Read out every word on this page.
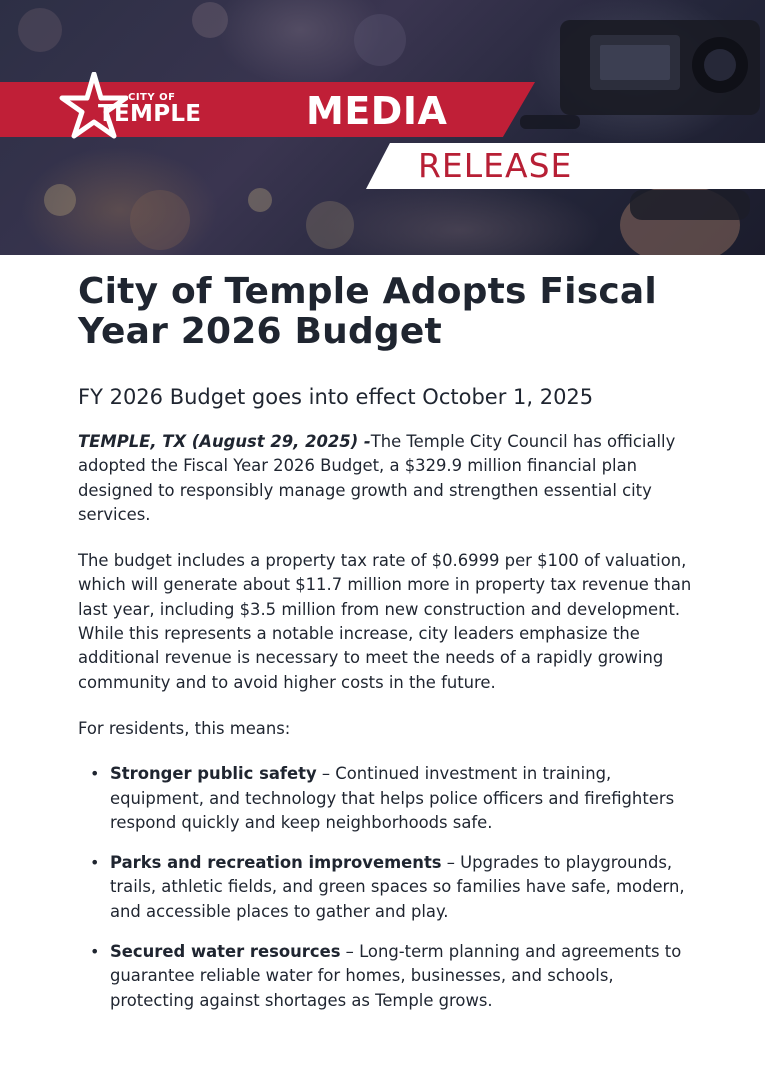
CITY OF
TEMPLE	MEDIA
RELEASE
City of Temple Adopts Fiscal Year 2026 Budget

FY 2026 Budget goes into effect October 1, 2025

TEMPLE, TX (August 29, 2025) -The Temple City Council has officially adopted the Fiscal Year 2026 Budget, a $329.9 million financial plan designed to responsibly manage growth and strengthen essential city services.

The budget includes a property tax rate of $0.6999 per $100 of valuation, which will generate about $11.7 million more in property tax revenue than last year, including $3.5 million from new construction and development. While this represents a notable increase, city leaders emphasize the additional revenue is necessary to meet the needs of a rapidly growing community and to avoid higher costs in the future.

For residents, this means:

• Stronger public safety – Continued investment in training, equipment, and technology that helps police officers and firefighters respond quickly and keep neighborhoods safe.
• Parks and recreation improvements – Upgrades to playgrounds, trails, athletic fields, and green spaces so families have safe, modern, and accessible places to gather and play.
• Secured water resources – Long-term planning and agreements to guarantee reliable water for homes, businesses, and schools, protecting against shortages as Temple grows.
